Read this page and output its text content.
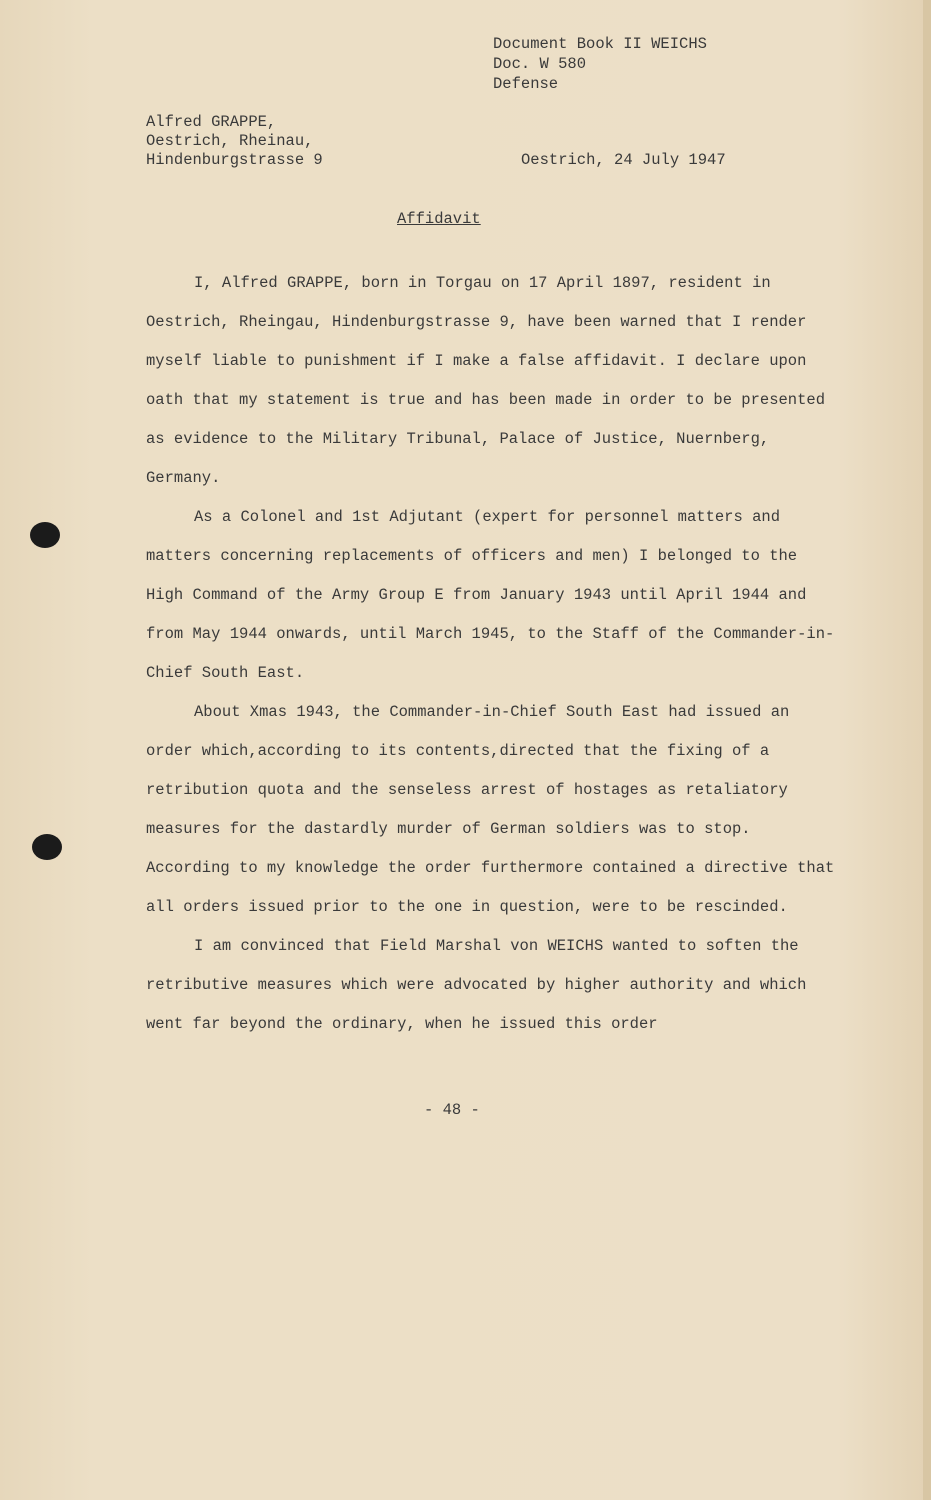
Document Book II WEICHS
Doc. W 580
Defense
Alfred GRAPPE,
Oestrich, Rheinau,
Hindenburgstrasse 9	Oestrich, 24 July 1947
Affidavit

I, Alfred GRAPPE, born in Torgau on 17 April 1897, resident in Oestrich, Rheingau, Hindenburgstrasse 9, have been warned that I render myself liable to punishment if I make a false affidavit. I declare upon oath that my statement is true and has been made in order to be presented as evidence to the Military Tribunal, Palace of Justice, Nuernberg, Germany.

As a Colonel and 1st Adjutant (expert for personnel matters and matters concerning replacements of officers and men) I belonged to the High Command of the Army Group E from January 1943 until April 1944 and from May 1944 onwards, until March 1945, to the Staff of the Commander-in-Chief South East.

About Xmas 1943, the Commander-in-Chief South East had issued an order which,according to its contents,directed that the fixing of a retribution quota and the senseless arrest of hostages as retaliatory measures for the dastardly murder of German soldiers was to stop. According to my knowledge the order furthermore contained a directive that all orders issued prior to the one in question, were to be rescinded.

I am convinced that Field Marshal von WEICHS wanted to soften the retributive measures which were advocated by higher authority and which went far beyond the ordinary, when he issued this order

- 48 -
